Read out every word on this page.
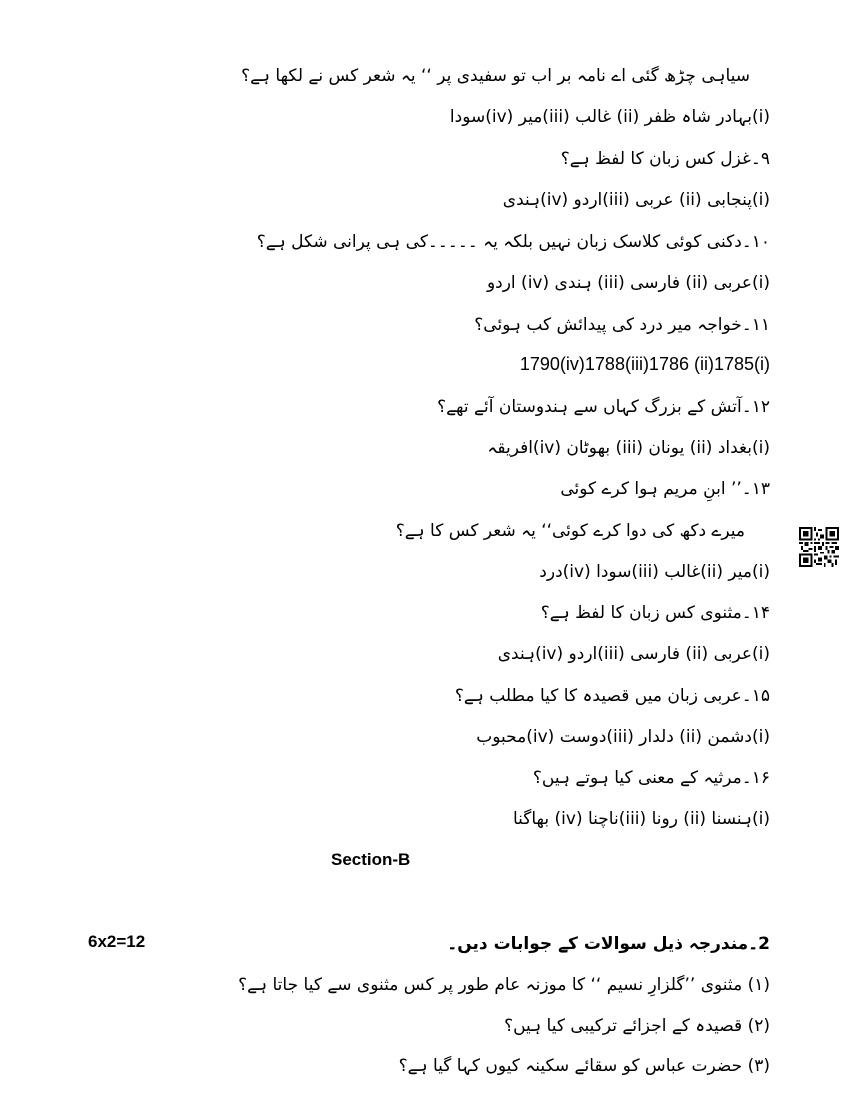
سیاہی چڑھ گئی اے نامہ بر اب تو سفیدی پر ‘‘ یہ شعر کس نے لکھا ہے؟

(i)بہادر شاہ ظفر (ii) غالب (iii)میر (iv)سودا

۹۔غزل کس زبان کا لفظ ہے؟

(i)پنجابی (ii) عربی (iii)اردو (iv)ہندی

۱۰۔دکنی کوئی کلاسک زبان نہیں بلکہ یہ ۔۔۔۔۔کی ہی پرانی شکل ہے؟

(i)عربی (ii) فارسی (iii) ہندی (iv) اردو

۱۱۔خواجہ میر درد کی پیدائش کب ہوئی؟

1790(iv)1788(iii)1786 (ii)1785(i)

۱۲۔آتش کے بزرگ کہاں سے ہندوستان آئے تھے؟

(i)بغداد (ii) یونان (iii) بھوٹان (iv)افریقہ

۱۳۔’’ ابنِ مریم ہوا کرے کوئی

میرے دکھ کی دوا کرے کوئی‘‘ یہ شعر کس کا ہے؟

(i)میر (ii)غالب (iii)سودا (iv)درد

۱۴۔مثنوی کس زبان کا لفظ ہے؟

(i)عربی (ii) فارسی (iii)اردو (iv)ہندی

۱۵۔عربی زبان میں قصیدہ کا کیا مطلب ہے؟

(i)دشمن (ii) دلدار (iii)دوست (iv)محبوب

۱۶۔مرثیہ کے معنی کیا ہوتے ہیں؟

(i)ہنسنا (ii) رونا (iii)ناچنا (iv) بھاگنا

Section-B

6x2=12	2۔مندرجہ ذیل سوالات کے جوابات دیں۔

(۱) مثنوی ’’گلزارِ نسیم ‘‘ کا موزنہ عام طور پر کس مثنوی سے کیا جاتا ہے؟

(۲) قصیدہ کے اجزائے ترکیبی کیا ہیں؟

(۳) حضرت عباس کو سقائے سکینہ کیوں کہا گیا ہے؟
